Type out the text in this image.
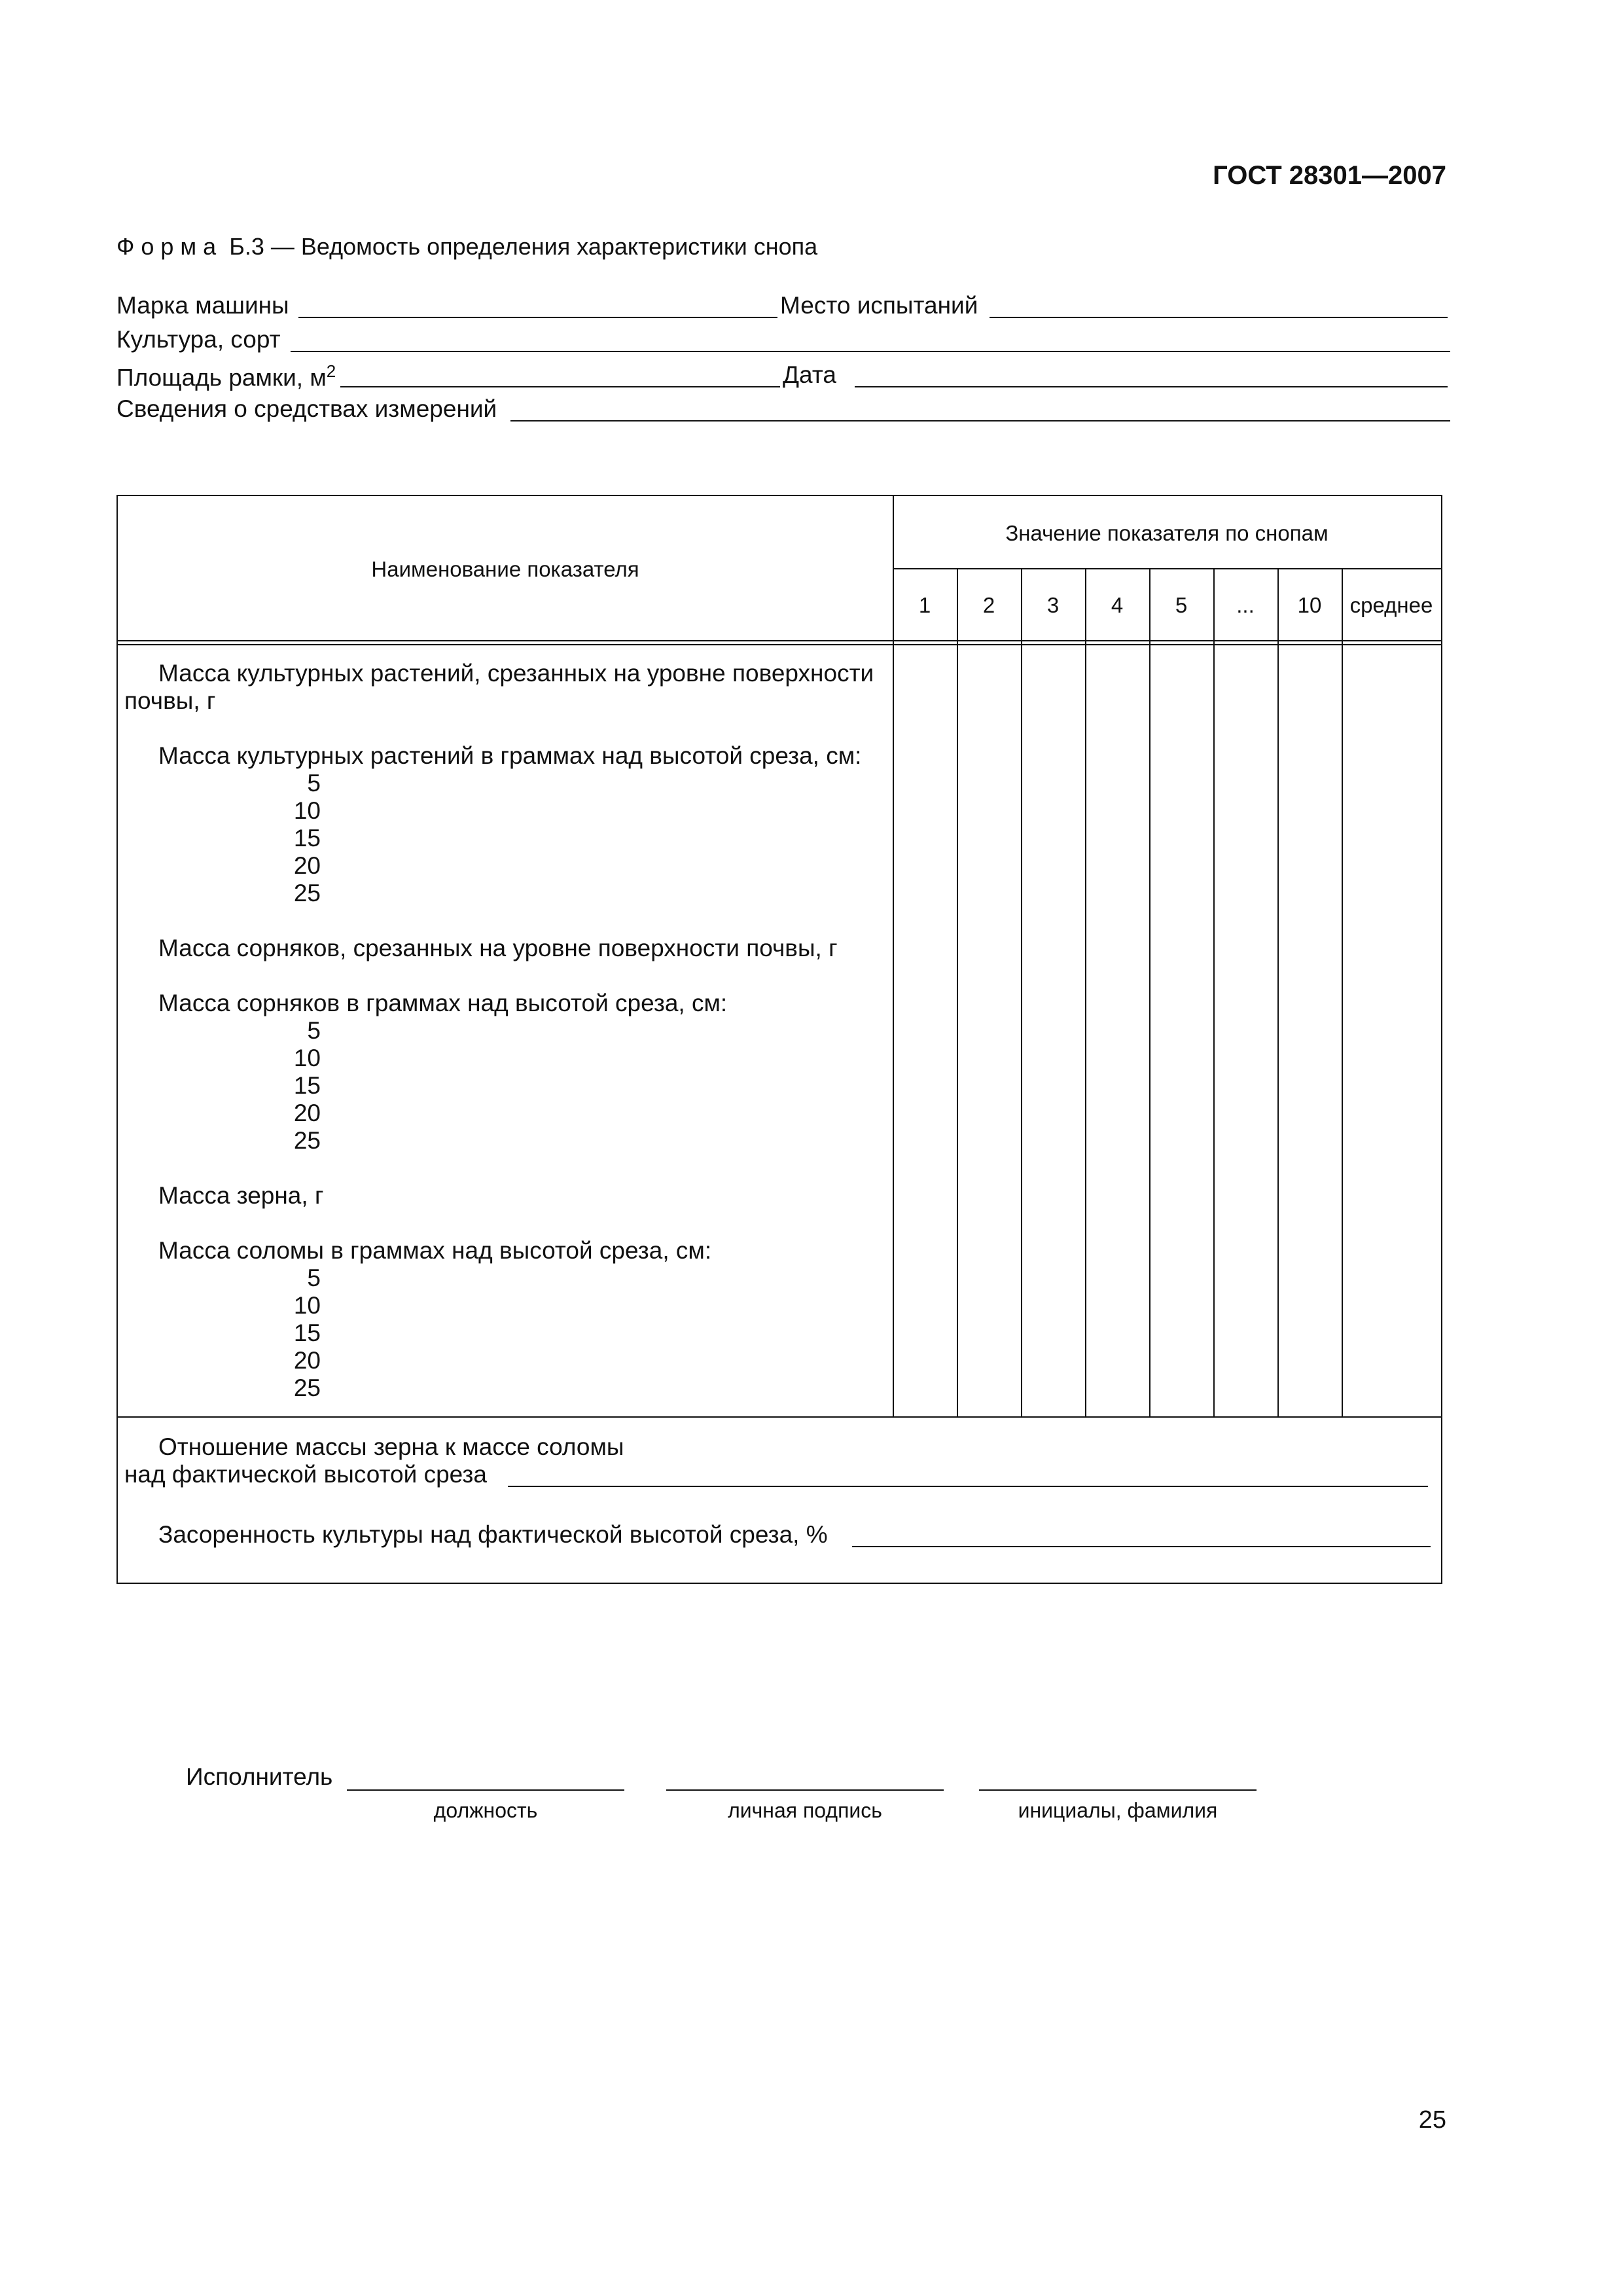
ГОСТ 28301—2007
Форма Б.3 — Ведомость определения характеристики снопа
Марка машины	Место испытаний
Культура, сорт
Площадь рамки, $м^2$	Дата
Сведения о средствах измерений
Наименование показателя
Значение показателя по снопам
1	2	3	4	5	...	10	среднее
Масса культурных растений, срезанных на уровне поверхности
почвы, г
Масса культурных растений в граммах над высотой среза, см:
5
10
15
20
25
Масса сорняков, срезанных на уровне поверхности почвы, г
Масса сорняков в граммах над высотой среза, см:
5
10
15
20
25
Масса зерна, г
Масса соломы в граммах над высотой среза, см:
5
10
15
20
25
Отношение массы зерна к массе соломы
над фактической высотой среза
Засоренность культуры над фактической высотой среза, %
Исполнитель
должность	личная подпись	инициалы, фамилия
25
